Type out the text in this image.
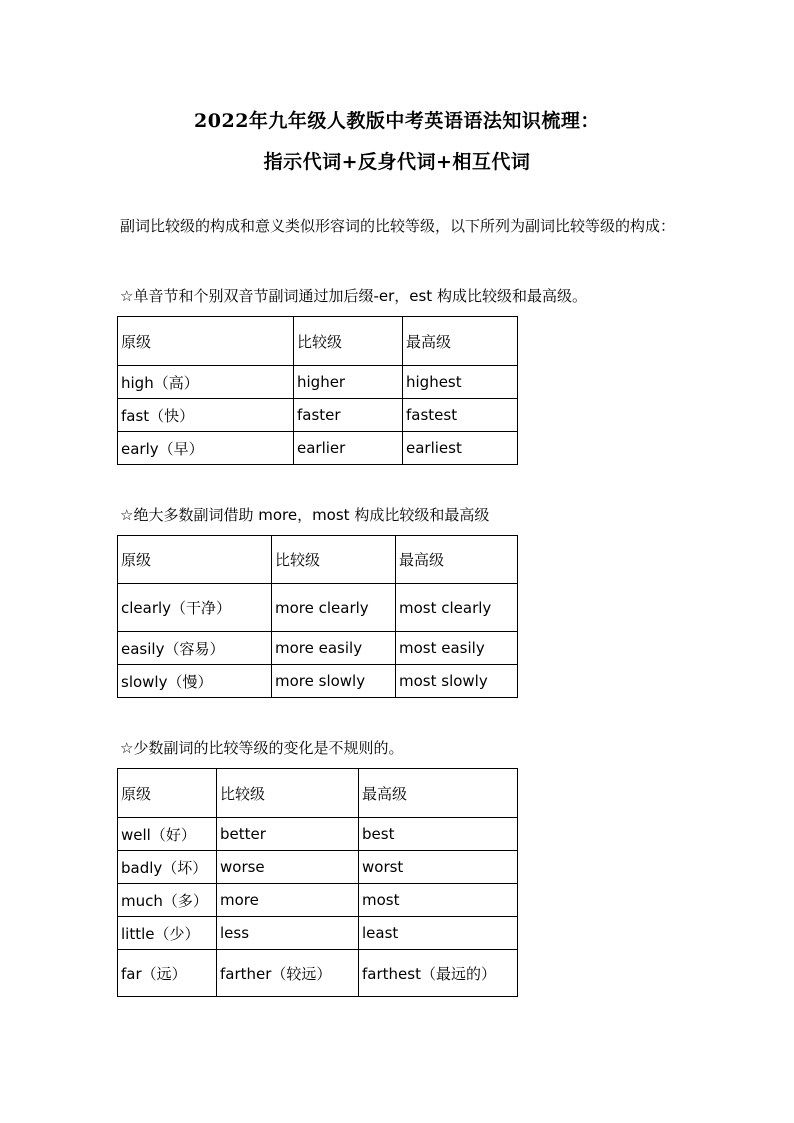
2022年九年级人教版中考英语语法知识梳理：
指示代词+反身代词+相互代词
副词比较级的构成和意义类似形容词的比较等级，以下所列为副词比较等级的构成：
☆单音节和个别双音节副词通过加后缀-er，est 构成比较级和最高级。
原级	比较级	最高级
high（高）	higher	highest
fast（快）	faster	fastest
early（早）	earlier	earliest
☆绝大多数副词借助 more，most 构成比较级和最高级
原级	比较级	最高级
clearly（干净）	more clearly	most clearly
easily（容易）	more easily	most easily
slowly（慢）	more slowly	most slowly
☆少数副词的比较等级的变化是不规则的。
原级	比较级	最高级
well（好）	better	best
badly（坏）	worse	worst
much（多）	more	most
little（少）	less	least
far（远）	farther（较远）	farthest（最远的）
